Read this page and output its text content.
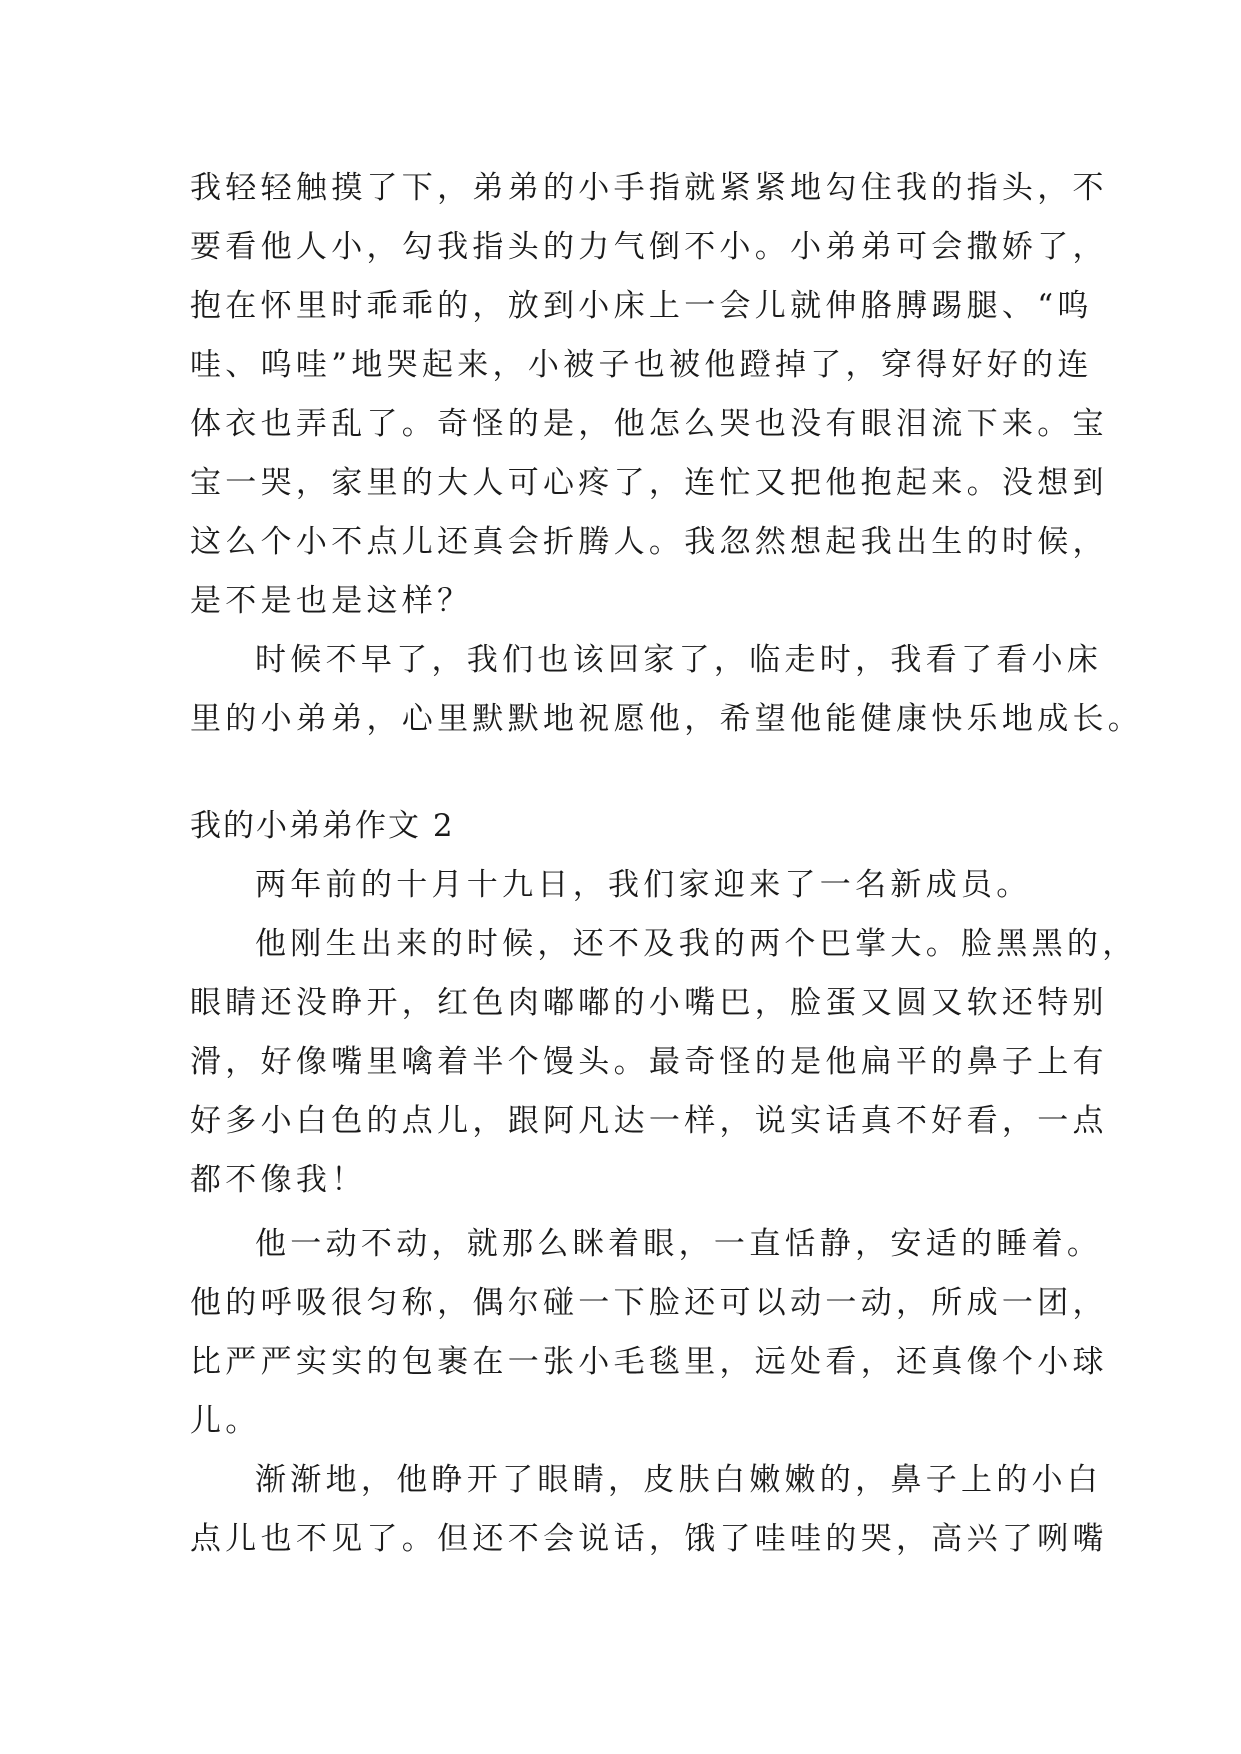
我轻轻触摸了下，弟弟的小手指就紧紧地勾住我的指头，不
要看他人小，勾我指头的力气倒不小。小弟弟可会撒娇了，
抱在怀里时乖乖的，放到小床上一会儿就伸胳膊踢腿、“呜
哇、呜哇”地哭起来，小被子也被他蹬掉了，穿得好好的连
体衣也弄乱了。奇怪的是，他怎么哭也没有眼泪流下来。宝
宝一哭，家里的大人可心疼了，连忙又把他抱起来。没想到
这么个小不点儿还真会折腾人。我忽然想起我出生的时候，
是不是也是这样？
时候不早了，我们也该回家了，临走时，我看了看小床
里的小弟弟，心里默默地祝愿他，希望他能健康快乐地成长。
我的小弟弟作文 2
两年前的十月十九日，我们家迎来了一名新成员。
他刚生出来的时候，还不及我的两个巴掌大。脸黑黑的，
眼睛还没睁开，红色肉嘟嘟的小嘴巴，脸蛋又圆又软还特别
滑，好像嘴里噙着半个馒头。最奇怪的是他扁平的鼻子上有
好多小白色的点儿，跟阿凡达一样，说实话真不好看，一点
都不像我！
他一动不动，就那么眯着眼，一直恬静，安适的睡着。
他的呼吸很匀称，偶尔碰一下脸还可以动一动，所成一团，
比严严实实的包裹在一张小毛毯里，远处看，还真像个小球
儿。
渐渐地，他睁开了眼睛，皮肤白嫩嫩的，鼻子上的小白
点儿也不见了。但还不会说话，饿了哇哇的哭，高兴了咧嘴
